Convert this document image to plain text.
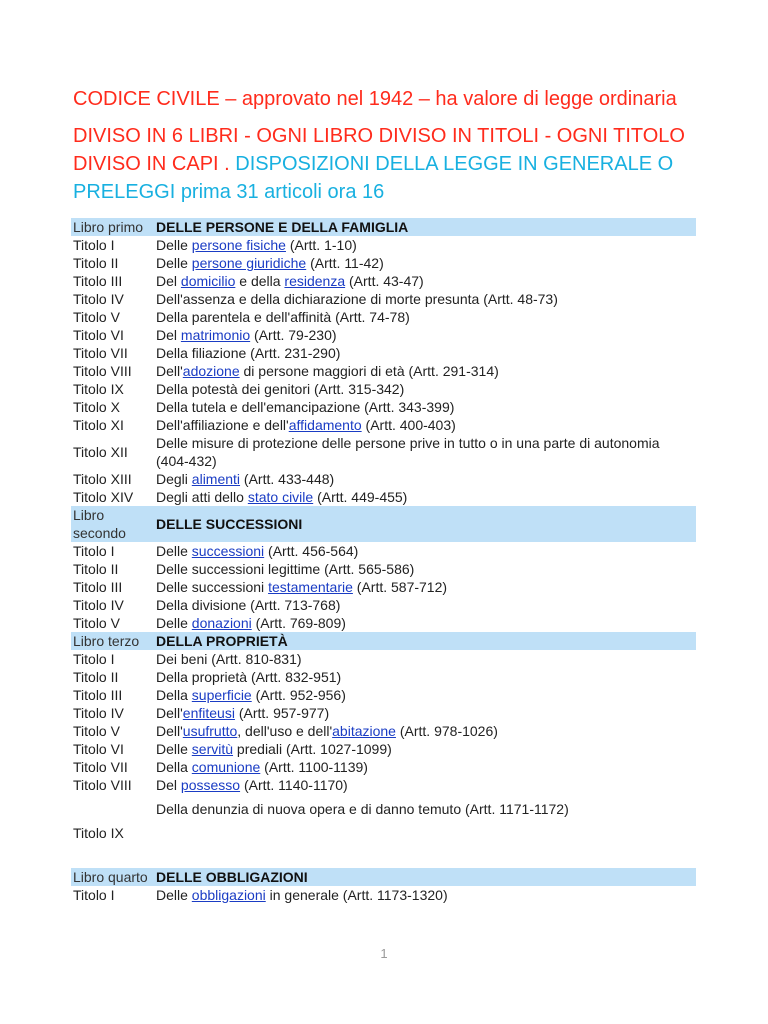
CODICE CIVILE – approvato nel 1942 – ha valore di legge ordinaria
DIVISO IN 6 LIBRI - OGNI LIBRO DIVISO IN TITOLI - OGNI TITOLO DIVISO IN CAPI . DISPOSIZIONI DELLA LEGGE IN GENERALE O PRELEGGI prima 31 articoli ora 16
Libro primo	DELLE PERSONE E DELLA FAMIGLIA
Titolo I	Delle persone fisiche (Artt. 1-10)
Titolo II	Delle persone giuridiche (Artt. 11-42)
Titolo III	Del domicilio e della residenza (Artt. 43-47)
Titolo IV	Dell'assenza e della dichiarazione di morte presunta (Artt. 48-73)
Titolo V	Della parentela e dell'affinità (Artt. 74-78)
Titolo VI	Del matrimonio (Artt. 79-230)
Titolo VII	Della filiazione (Artt. 231-290)
Titolo VIII	Dell'adozione di persone maggiori di età (Artt. 291-314)
Titolo IX	Della potestà dei genitori (Artt. 315-342)
Titolo X	Della tutela e dell'emancipazione (Artt. 343-399)
Titolo XI	Dell'affiliazione e dell'affidamento (Artt. 400-403)
Titolo XII	Delle misure di protezione delle persone prive in tutto o in una parte di autonomia (404-432)
Titolo XIII	Degli alimenti (Artt. 433-448)
Titolo XIV	Degli atti dello stato civile (Artt. 449-455)
Libro secondo	DELLE SUCCESSIONI
Titolo I	Delle successioni (Artt. 456-564)
Titolo II	Delle successioni legittime (Artt. 565-586)
Titolo III	Delle successioni testamentarie (Artt. 587-712)
Titolo IV	Della divisione (Artt. 713-768)
Titolo V	Delle donazioni (Artt. 769-809)
Libro terzo	DELLA PROPRIETÀ
Titolo I	Dei beni (Artt. 810-831)
Titolo II	Della proprietà (Artt. 832-951)
Titolo III	Della superficie (Artt. 952-956)
Titolo IV	Dell'enfiteusi (Artt. 957-977)
Titolo V	Dell'usufrutto, dell'uso e dell'abitazione (Artt. 978-1026)
Titolo VI	Delle servitù prediali (Artt. 1027-1099)
Titolo VII	Della comunione (Artt. 1100-1139)
Titolo VIII	Del possesso (Artt. 1140-1170)
Titolo IX	Della denunzia di nuova opera e di danno temuto (Artt. 1171-1172)

Libro quarto	DELLE OBBLIGAZIONI
Titolo I	Delle obbligazioni in generale (Artt. 1173-1320)
1
